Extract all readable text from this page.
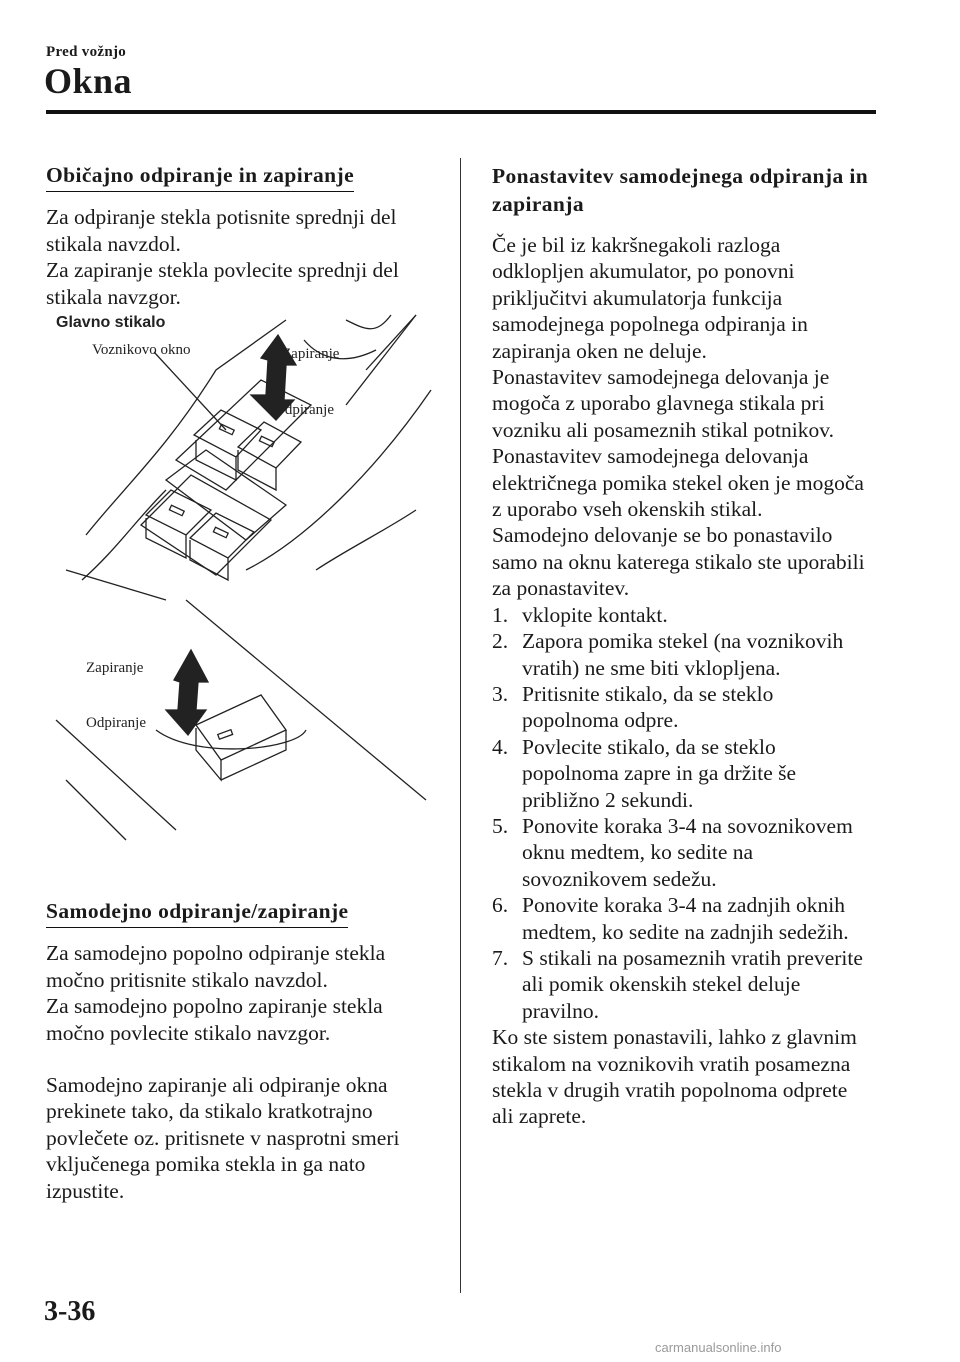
Pred vožnjo
Okna
Običajno odpiranje in zapiranje

Za odpiranje stekla potisnite sprednji del

stikala navzdol.

Za zapiranje stekla povlecite sprednji del

stikala navzgor.

Glavno stikalo
Voznikovo okno	Zapiranje
Odpiranje
Zapiranje
Odpiranje
Samodejno odpiranje/zapiranje

Za samodejno popolno odpiranje stekla

močno pritisnite stikalo navzdol.

Za samodejno popolno zapiranje stekla

močno povlecite stikalo navzgor.

Samodejno zapiranje ali odpiranje okna

prekinete tako, da stikalo kratkotrajno

povlečete oz. pritisnete v nasprotni smeri

vključenega pomika stekla in ga nato

izpustite.

Ponastavitev samodejnega odpiranja in
zapiranja

Če je bil iz kakršnegakoli razloga

odklopljen akumulator, po ponovni

priključitvi akumulatorja funkcija

samodejnega popolnega odpiranja in

zapiranja oken ne deluje.

Ponastavitev samodejnega delovanja je

mogoča z uporabo glavnega stikala pri

vozniku ali posameznih stikal potnikov.

Ponastavitev samodejnega delovanja

električnega pomika stekel oken je mogoča

z uporabo vseh okenskih stikal.

Samodejno delovanje se bo ponastavilo

samo na oknu katerega stikalo ste uporabili

za ponastavitev.

1. vklopite kontakt.
2. Zapora pomika stekel (na voznikovih
vratih) ne sme biti vklopljena.
3. Pritisnite stikalo, da se steklo
popolnoma odpre.
4. Povlecite stikalo, da se steklo
popolnoma zapre in ga držite še
približno 2 sekundi.
5. Ponovite koraka 3-4 na sovoznikovem
oknu medtem, ko sedite na
sovoznikovem sedežu.
6. Ponovite koraka 3-4 na zadnjih oknih
medtem, ko sedite na zadnjih sedežih.
7. S stikali na posameznih vratih preverite
ali pomik okenskih stekel deluje
pravilno.

Ko ste sistem ponastavili, lahko z glavnim

stikalom na voznikovih vratih posamezna

stekla v drugih vratih popolnoma odprete

ali zaprete.

3-36
carmanualsonline.info
